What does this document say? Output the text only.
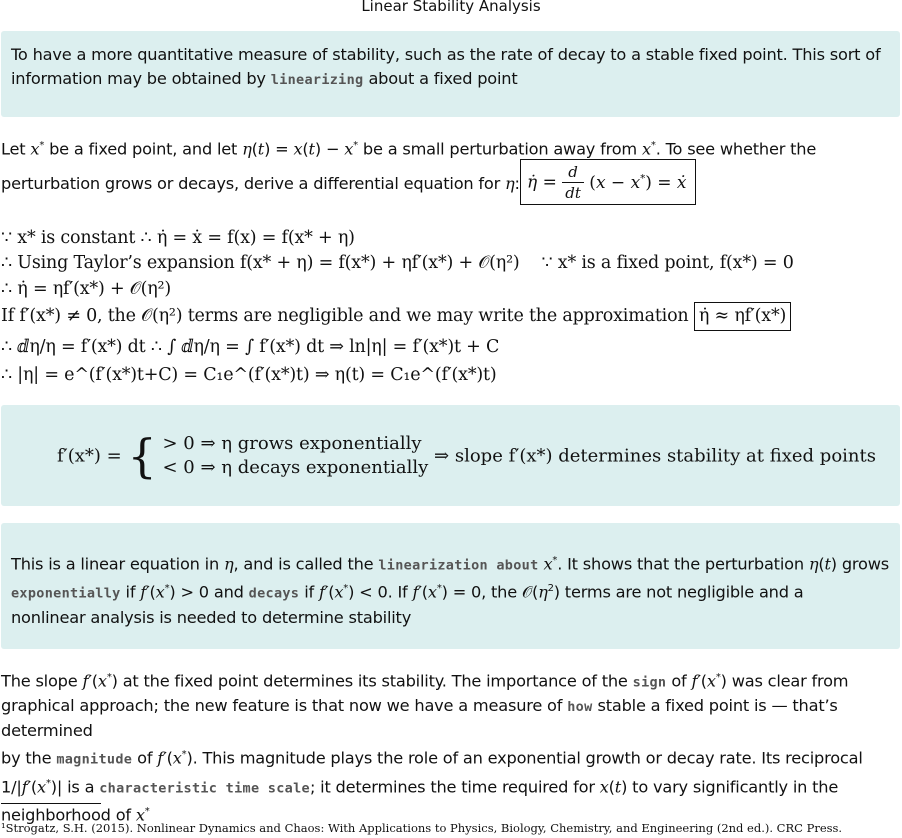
Linear Stability Analysis
To have a more quantitative measure of stability, such as the rate of decay to a stable fixed point. This sort of
information may be obtained by linearizing about a fixed point
Let x* be a fixed point, and let η(t) = x(t) − x* be a small perturbation away from x*. To see whether the
perturbation grows or decays, derive a differential equation for η: η̇ = $\frac{d}{dt} (x - x^*)$ = ẋ
∵ x* is constant ∴ η̇ = ẋ = f(x) = f(x* + η)
∴ Using Taylor’s expansion f(x* + η) = f(x*) + ηf′(x*) + 𝒪(η²) ∵ x* is a fixed point, f(x*) = 0
∴ η̇ = ηf′(x*) + 𝒪(η²)
If f′(x*) ≠ 0, the 𝒪(η²) terms are negligible and we may write the approximation η̇ ≈ ηf′(x*)
∴ ⅆη/η = f′(x*) dt ∴ ∫ ⅆη/η = ∫ f′(x*) dt ⇒ ln|η| = f′(x*)t + C
∴ |η| = e^(f′(x*)t+C) = C₁e^(f′(x*)t) ⇒ η(t) = C₁e^(f′(x*)t)
f′(x*) = { > 0 ⇒ η grows exponentially
< 0 ⇒ η decays exponentially
⇒ slope f′(x*) determines stability at fixed points
This is a linear equation in η, and is called the linearization about x*. It shows that the perturbation η(t) grows
exponentially if f′(x*) > 0 and decays if f′(x*) < 0. If f′(x*) = 0, the $𝒪(\eta^2)$ terms are not negligible and a
nonlinear analysis is needed to determine stability
The slope f′(x*) at the fixed point determines its stability. The importance of the sign of f′(x*) was clear from
graphical approach; the new feature is that now we have a measure of how stable a fixed point is — that’s determined
by the magnitude of f′(x*). This magnitude plays the role of an exponential growth or decay rate. Its reciprocal
1/|f′(x*)| is a characteristic time scale; it determines the time required for x(t) to vary significantly in the
neighborhood of x*
¹Strogatz, S.H. (2015). Nonlinear Dynamics and Chaos: With Applications to Physics, Biology, Chemistry, and Engineering (2nd ed.). CRC Press.
